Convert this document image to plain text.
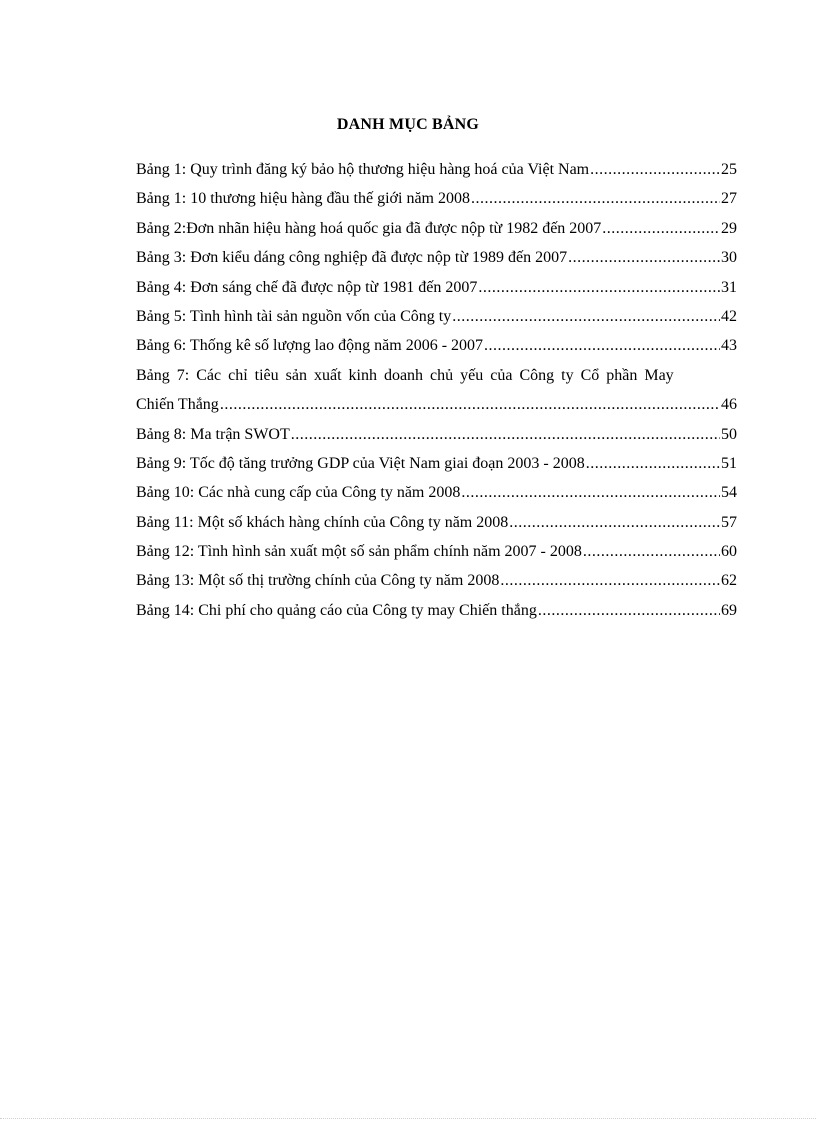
DANH MỤC BẢNG
Bảng 1: Quy trình đăng ký bảo hộ thương hiệu hàng hoá của Việt Nam .....	25
Bảng 1: 10 thương hiệu hàng đầu thế giới năm 2008 .....	27
Bảng 2:Đơn nhãn hiệu hàng hoá quốc gia đã được nộp từ 1982 đến 2007 .....	29
Bảng 3: Đơn kiểu dáng công nghiệp đã được nộp từ 1989 đến 2007 .....	30
Bảng 4: Đơn sáng chế đã được nộp từ 1981 đến 2007 .....	31
Bảng 5: Tình hình tài sản nguồn vốn của Công ty .....	42
Bảng 6: Thống kê số lượng lao động năm 2006 - 2007 .....	43
Bảng 7: Các chỉ tiêu sản xuất kinh doanh chủ yếu của Công ty Cổ phần May
Chiến Thắng .....	46
Bảng 8: Ma trận SWOT .....	50
Bảng 9: Tốc độ tăng trưởng GDP của Việt Nam giai đoạn 2003 - 2008 .....	51
Bảng 10: Các nhà cung cấp của Công ty năm 2008 .....	54
Bảng 11: Một số khách hàng chính của Công ty năm 2008 .....	57
Bảng 12: Tình hình sản xuất một số sản phẩm chính năm 2007 - 2008 .....	60
Bảng 13: Một số thị trường chính của Công ty năm 2008 .....	62
Bảng 14: Chi phí cho quảng cáo của Công ty may Chiến thắng .....	69
